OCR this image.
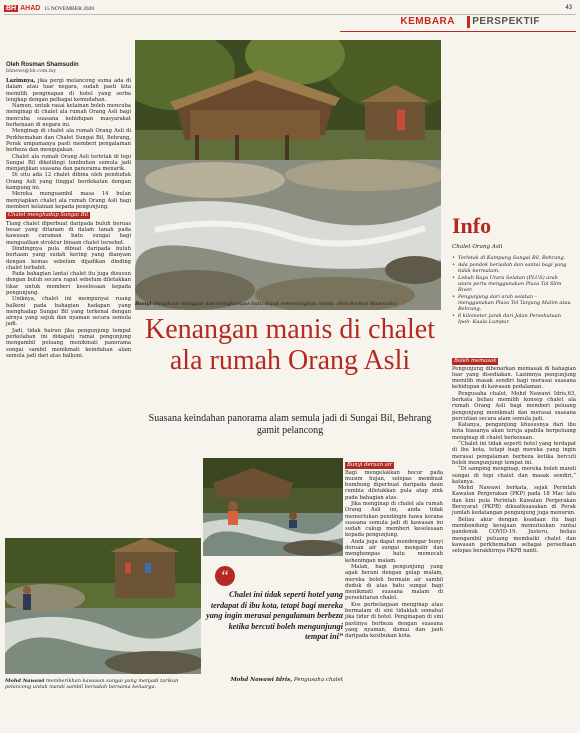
BH AHAD 15 NOVEMBER 2020	43
KEMBARA PERSPEKTIF
Oleh Rosman Shamsudin
bhnews@bh.com.my

Lazimnya, jika pergi melancong suma ada di dalam atau luar negara, sudah pasti kita memilih penginapan di hotel yang serba lengkap dengan pelbagai kemudahan.

Namun, untuk rasai kelainan boleh mencuba menginap di chalet ala rumah Orang Asli bagi mencuba suasana kehidupan masyarakat berkenaan di negara ini.

Menginap di chalet ala rumah Orang Asli di Perkhemahan dan Chalet Sungai Bil, Behrang, Perak umpamanya pasti memberi pengalaman berbeza dan mengujakan.

Chalet ala rumah Orang Asli terletak di tepi Sungai Bil dikelilingi tumbuhan semula jadi menjanjikan suasana dan panorama menarik.

Di situ ada 12 chalet dibina oleh penduduk Orang Asli yang tinggal berdekatan dengan kampung ini.

Mereka menguambil masa 14 bulan menyiapkan chalet ala rumah Orang Asli bagi memberi kelainan kepada pengunjung.

Chalet menghadap Sungai Bil

Tiang chalet diperbuat daripada buluh beruas besar yang ditanam di dalam tanah pada kawasan curaman batu sungai bagi menguatkan struktur binaan chalet tersebut.

Dindingnya pula dibuat daripada buluh bertaam yang sudah kering yang dianyam dengan kemas sebelum dijadikan dinding chalet terbabit.

Pada bahagian lantai chalet itu juga disusun dengan buluh secara rapat sebelum diletakkan tikar untuk memberi keselesaan kepada pengunjung.

Uniknya, chalet ini mempunyai ruang balkoni pada bahagian hadapan yang menghadap Sungai Bil yang terkenal dengan airnya yang sejuk dan nyaman secara semula jadi.

Jadi, tidak hairan jika pengunjung tempat perkelahan ini didapati ramai pengunjung mengambil peluang menikmati panorama sungai sambil menikmati keindahan alam semula jadi dari atas balkoni.

Bunyi deruan air mengalir dan menghempas batu dapat menenangkan minda. (Foto Rosman Shamsudin)
Kenangan manis di chalet ala rumah Orang Asli
Suasana keindahan panorama alam semula jadi di Sungai Bil, Behrang gamit pelancong
Info
Chalet Orang Asli
• Terletak di Kampung Sungai Bil, Behrang.
• Ada pondok beriadah dan santai bagi yang tidak bermalam.
• Lebuh Raya Utara Selatan (PLUS) arah utara perlu menggunakan Plaza Tol Slim River.
• Pengunjung dari arah selatan – menggunakan Plaza Tol Tanjung Malim atau Behrang.
• 6 kilometer jarak dari Jalan Persekutuan Ipoh- Kuala Lumpur.
Boleh memasak

Pengunjung dibenarkan memasak di bahagian luar yang disediakan. Lazimnya pengunjung memilih masak sendiri bagi merasai suasana kehidupan di kawasan pedalaman.

Pengusaha chalet, Mohd Nawawi Idris,63, berkata beliau memilih konsep chalet ala rumah Orang Asli bagi memberi peluang pengunjung menikmati dan merasai suasana percutian secara alam semula jadi.

Katanya, pengunjung khususnya dari ibu kota biasanya akan teruja apabila berpeluang menginap di chalet berkenaan.

“Chalet ini tidak seperti hotel yang terdapat di ibu kota, tetapi bagi mereka yang ingin merasai pengalaman berbeza ketika bercuti boleh mengunjungi tempat ini.

“Di samping menginap, mereka boleh mandi sungai di tepi chalet dan masak sendiri,” katanya.

Mohd Nawawi berkata, sejak Perintah Kawalan Pergerakan (PKP) pada 18 Mac lalu dan kini pula Perintah Kawalan Pergerakan Bersyarat (PKPB) dikuatkuasakan di Perak jumlah kedatangan pengunjung juga menurun.

Beliau akur dengan keadaan itu bagi membendung kerajaan memutuskan rantai pandemik COVID-19. Justeru, beliau mengambil peluang membaiki chalet dan kawasan perkhemahan sebagai persediaan selepas berakhirnya PKPB nanti.

Bunyi deruan air

Bagi mengelakkan bocor pada musim hujan, selepas membuat bumbung diperbuat daripada daun rumbia diletakkan pula atap zink pada bahagian atas.

Jika menginap di chalet ala rumah Orang Asli ini, anda tidak memerlukan pendingin hawa kerana suasana semula jadi di kawasan ini sudah cukup memberi keselesaan kepada pengunjung.

Anda juga dapat mendengar bunyi deruan air sungai mengalir dan menghempas batu memecah keheningan malam.

Malah, bagi pengunjung yang agak berani dengan gelap malam, mereka boleh bermain air sambil duduk di atas batu sungai bagi menikmati suasana malam di persekitaran chalet.

Kos perbelanjaan menginap atau bermalam di sini tidaklah semahal jika tidur di hotel. Penginapan di sini pastinya berbeza dengan suasana yang nyaman, damai dan jauh daripada kesibukan kota.

“
Chalet ini tidak seperti hotel yang terdapat di ibu kota, tetapi bagi mereka yang ingin merasai pengalaman berbeza ketika bercuti boleh mengunjungi tempat ini”
Mohd Nawawi Idris, Pengusaha chalet
Mohd Nawawi memberikhan kawasan sungai yang menjadi tarikan pelancong untuk mandi sambil beriadah bersama keluarga.
